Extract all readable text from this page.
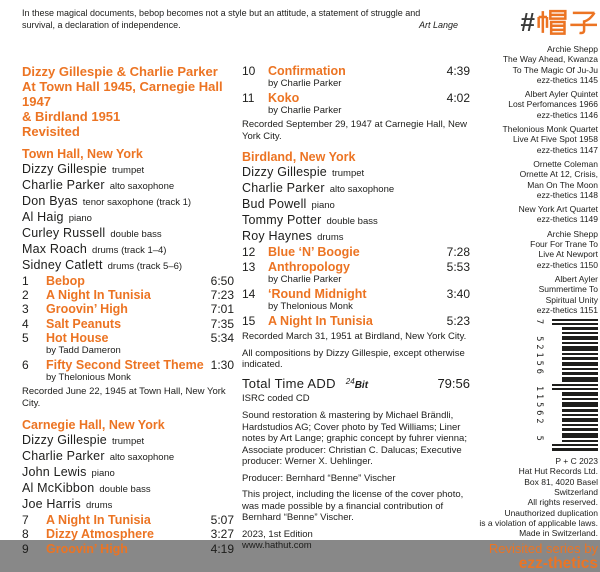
In these magical documents, bebop becomes not a style but an attitude, a statement of struggle and
survival, a declaration of independence.	Art Lange
Dizzy Gillespie & Charlie Parker
At Town Hall 1945, Carnegie Hall 1947
& Birdland 1951
Revisited
Town Hall, New York
Dizzy Gillespie trumpet
Charlie Parker alto saxophone
Don Byas tenor saxophone (track 1)
Al Haig piano
Curley Russell double bass
Max Roach drums (track 1–4)
Sidney Catlett drums (track 5–6)
1	Bebop	6:50
2	A Night In Tunisia	7:23
3	Groovin’ High	7:01
4	Salt Peanuts	7:35
5	Hot House	5:34
by Tadd Dameron
6	Fifty Second Street Theme 1:30
by Thelonious Monk
Recorded June 22, 1945 at Town Hall, New York City.
Carnegie Hall, New York
Dizzy Gillespie trumpet
Charlie Parker alto saxophone
John Lewis piano
Al McKibbon double bass
Joe Harris drums
7	A Night In Tunisia	5:07
8	Dizzy Atmosphere	3:27
9	Groovin’ High	4:19
10	Confirmation	4:39
by Charlie Parker
11	Koko	4:02
by Charlie Parker
Recorded September 29, 1947 at Carnegie Hall, New York City.
Birdland, New York
Dizzy Gillespie trumpet
Charlie Parker alto saxophone
Bud Powell piano
Tommy Potter double bass
Roy Haynes drums
12	Blue ‘N’ Boogie	7:28
13	Anthropology	5:53
by Charlie Parker
14	‘Round Midnight	3:40
by Thelonious Monk
15	A Night In Tunisia	5:23
Recorded March 31, 1951 at Birdland, New York City.
All compositions by Dizzy Gillespie, except otherwise indicated.
Total Time ADD $^{24}$Bit	79:56
ISRC coded CD
Sound restoration & mastering by Michael Brändli, Hardstudios AG; Cover photo by Ted Williams; Liner notes by Art Lange; graphic concept by fuhrer vienna; Associate producer: Christian C. Dalucas; Executive producer: Werner X. Uehlinger.
Producer: Bernhard “Benne” Vischer
This project, including the license of the cover photo, was made possible by a financial contribution of Bernhard “Benne” Vischer.
2023, 1st Edition
www.hathut.com
#
Archie Shepp
The Way Ahead, Kwanza
To The Magic Of Ju-Ju
ezz-thetics 1145
Albert Ayler Quintet
Lost Perfomances 1966
ezz-thetics 1146
Thelonious Monk Quartet
Live At Five Spot 1958
ezz-thetics 1147
Ornette Coleman
Ornette At 12, Crisis,
Man On The Moon
ezz-thetics 1148
New York Art Quartet
ezz-thetics 1149
Archie Shepp
Four For Trane To
Live At Newport
ezz-thetics 1150
Albert Ayler
Summertime To
Spiritual Unity
ezz-thetics 1151
7 52156 11562 5
P + C 2023
Hat Hut Records Ltd.
Box 81, 4020 Basel
Switzerland
All rights reserved.
Unauthorized duplication
is a violation of applicable laws.
Made in Switzerland.
Revisited series by
ezz-thetics
